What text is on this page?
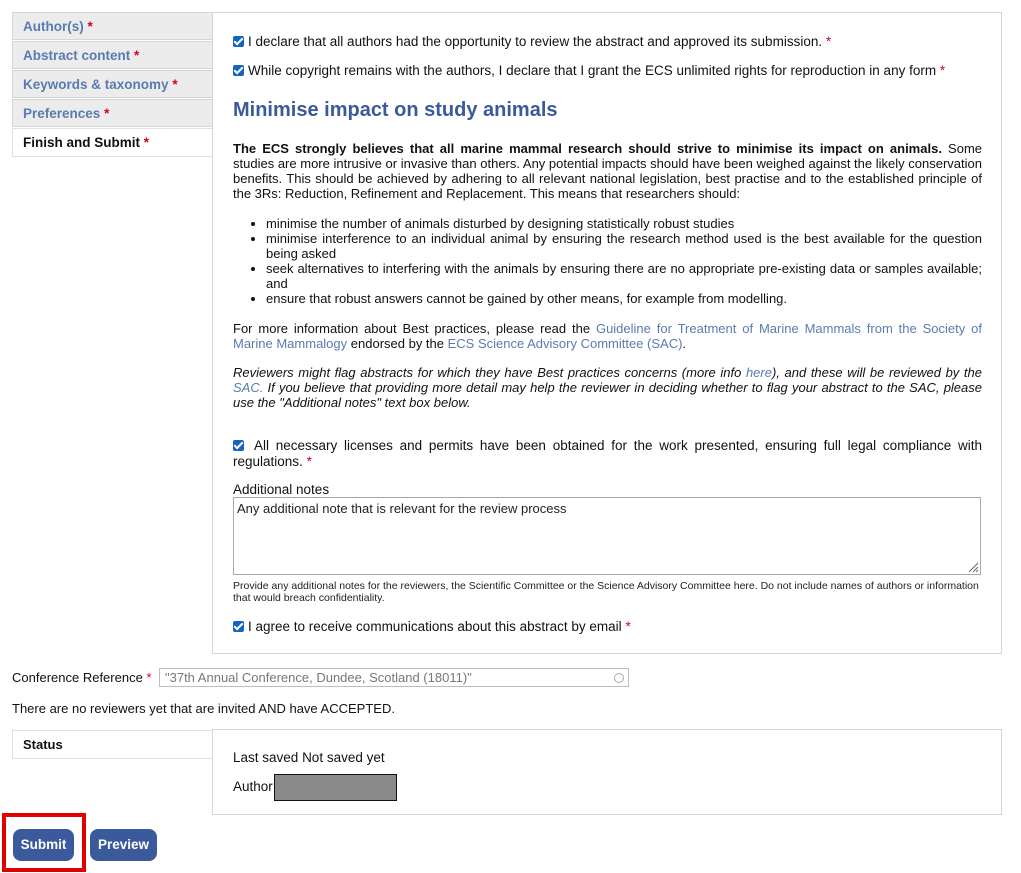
Author(s) *
Abstract content *
Keywords & taxonomy *
Preferences *
Finish and Submit *
I declare that all authors had the opportunity to review the abstract and approved its submission. *
While copyright remains with the authors, I declare that I grant the ECS unlimited rights for reproduction in any form *
Minimise impact on study animals
The ECS strongly believes that all marine mammal research should strive to minimise its impact on animals. Some studies are more intrusive or invasive than others. Any potential impacts should have been weighed against the likely conservation benefits. This should be achieved by adhering to all relevant national legislation, best practise and to the established principle of the 3Rs: Reduction, Refinement and Replacement. This means that researchers should:
• minimise the number of animals disturbed by designing statistically robust studies
• minimise interference to an individual animal by ensuring the research method used is the best available for the question being asked
• seek alternatives to interfering with the animals by ensuring there are no appropriate pre-existing data or samples available; and
• ensure that robust answers cannot be gained by other means, for example from modelling.
For more information about Best practices, please read the Guideline for Treatment of Marine Mammals from the Society of Marine Mammalogy endorsed by the ECS Science Advisory Committee (SAC).
Reviewers might flag abstracts for which they have Best practices concerns (more info here), and these will be reviewed by the SAC. If you believe that providing more detail may help the reviewer in deciding whether to flag your abstract to the SAC, please use the "Additional notes" text box below.
All necessary licenses and permits have been obtained for the work presented, ensuring full legal compliance with regulations. *
Additional notes
Any additional note that is relevant for the review process
Provide any additional notes for the reviewers, the Scientific Committee or the Science Advisory Committee here. Do not include names of authors or information that would breach confidentiality.
I agree to receive communications about this abstract by email *
Conference Reference *	"37th Annual Conference, Dundee, Scotland (18011)"
There are no reviewers yet that are invited AND have ACCEPTED.
Status
Last saved Not saved yet
Author
Submit	Preview
